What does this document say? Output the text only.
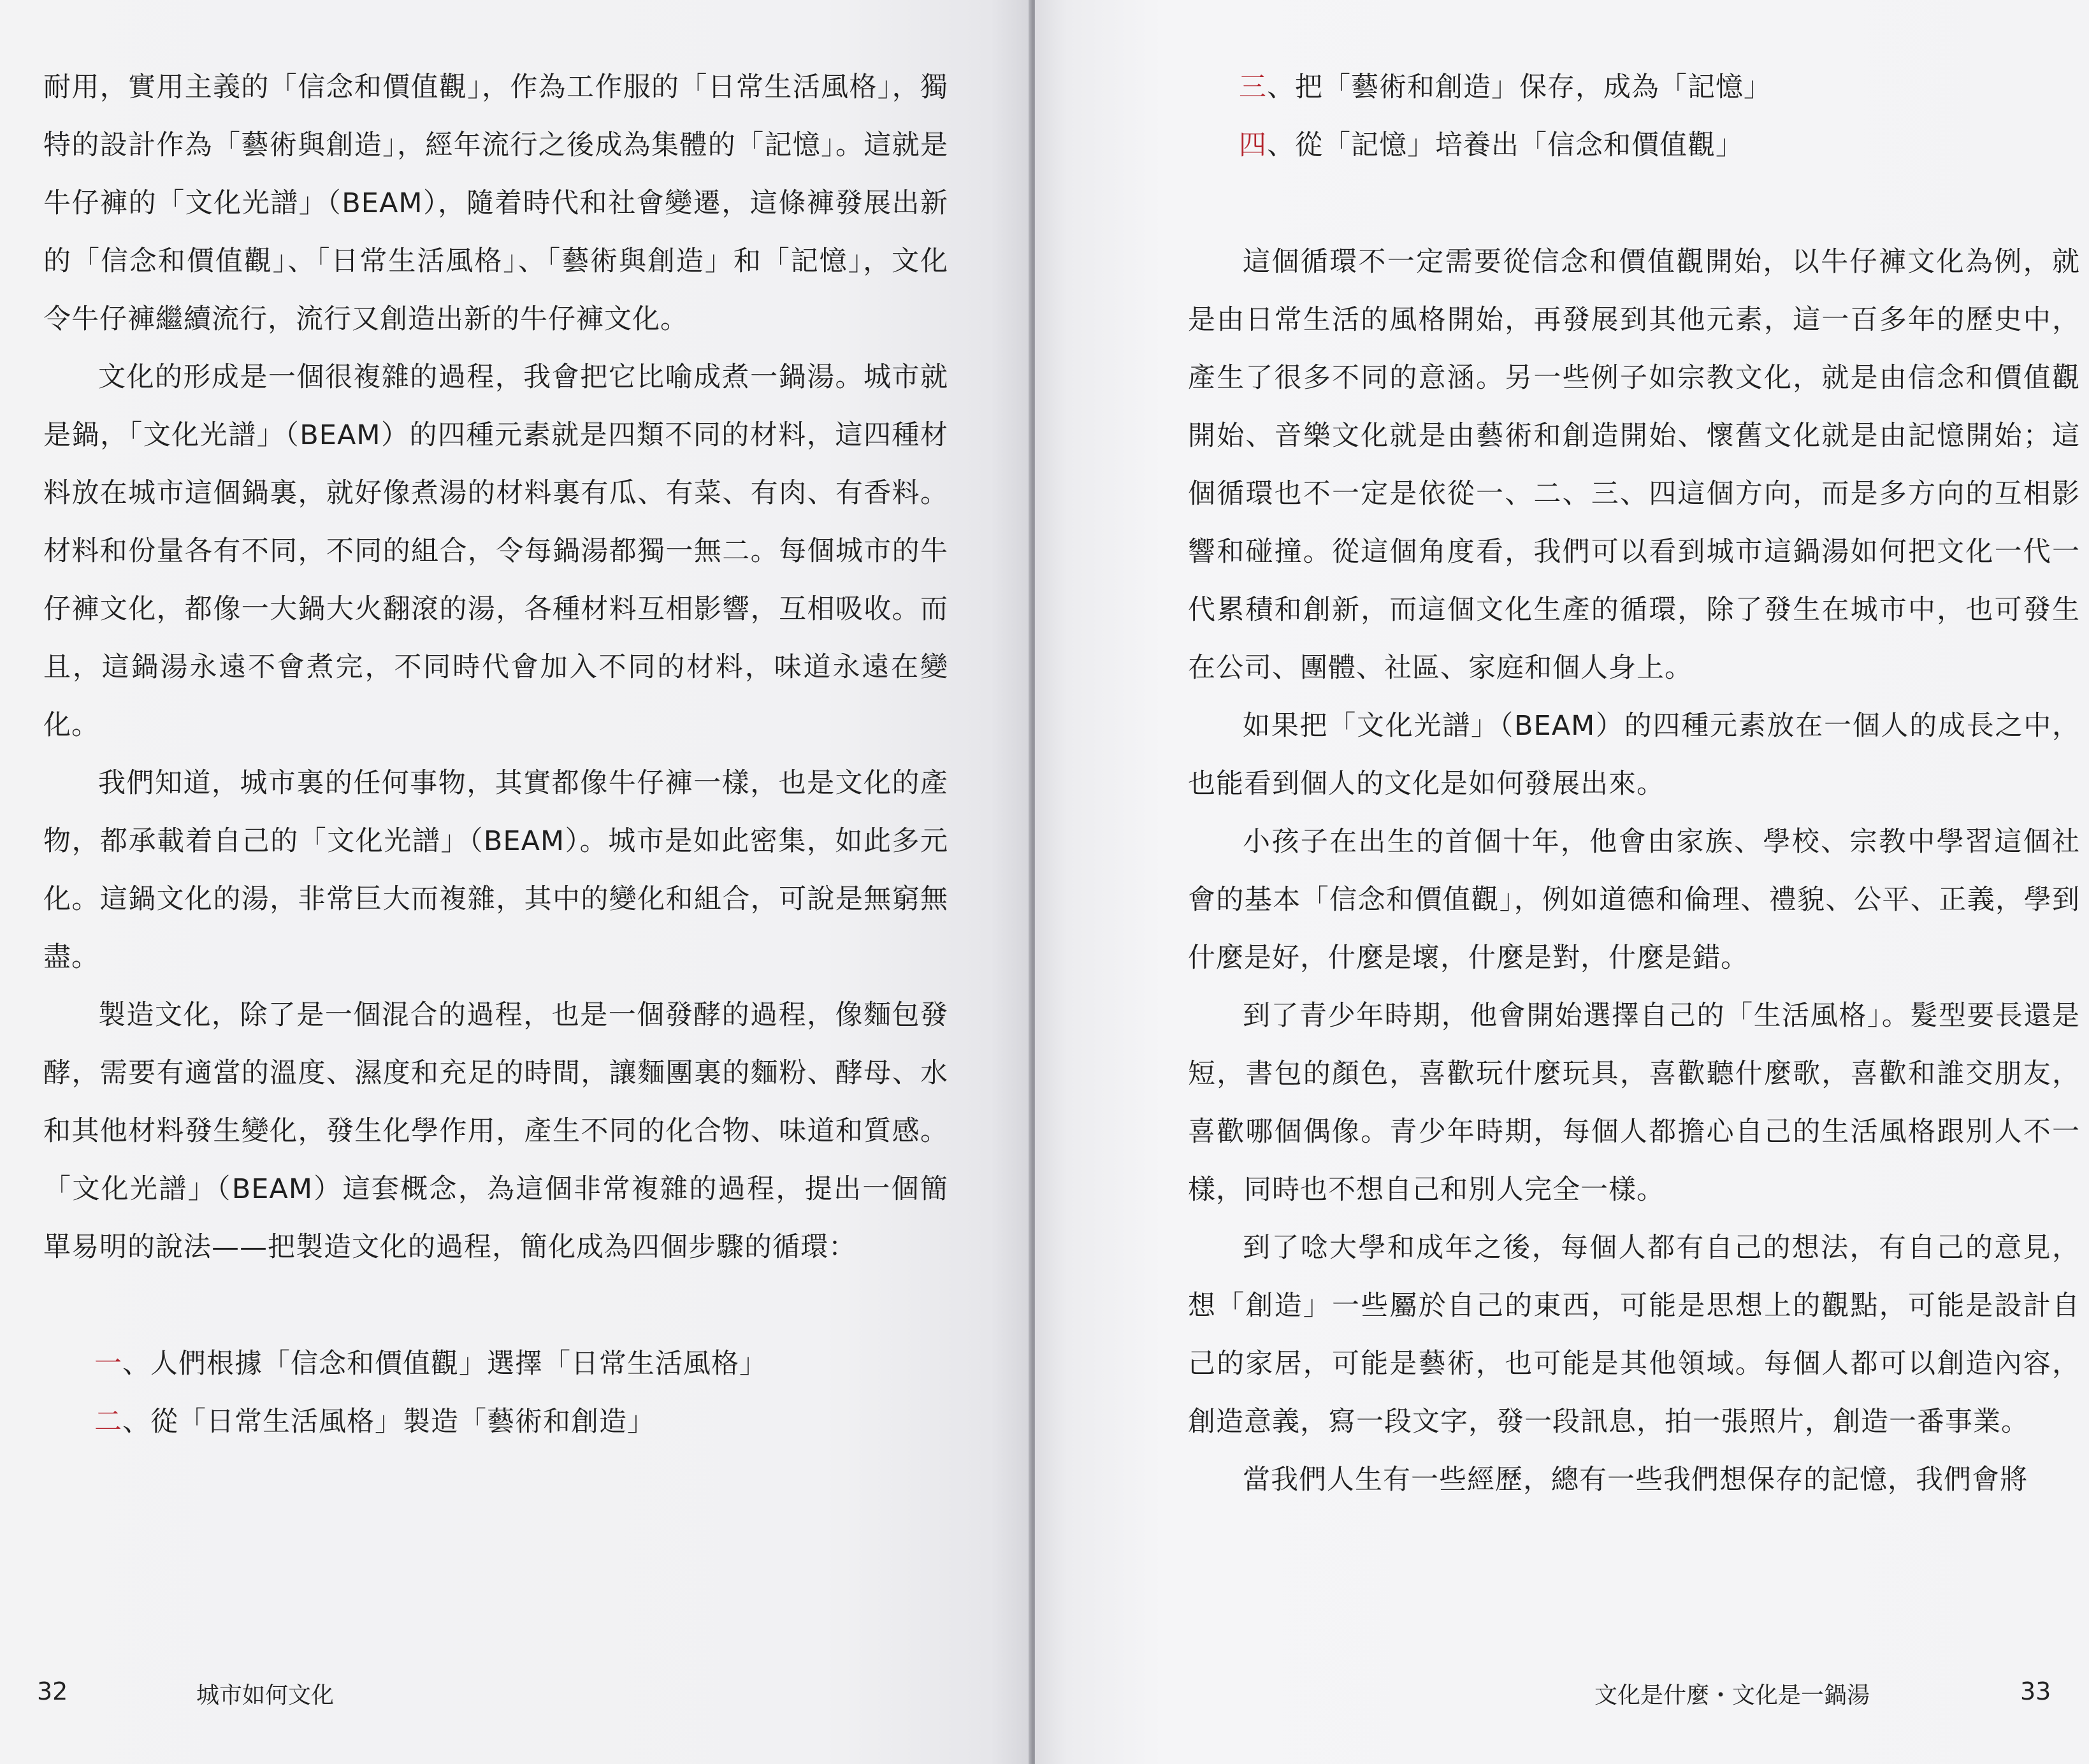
耐用，實用主義的「信念和價值觀」，作為工作服的「日常生活風格」，獨特的設計作為「藝術與創造」，經年流行之後成為集體的「記憶」。這就是牛仔褲的「文化光譜」（BEAM），隨着時代和社會變遷，這條褲發展出新的「信念和價值觀」、「日常生活風格」、「藝術與創造」和「記憶」，文化令牛仔褲繼續流行，流行又創造出新的牛仔褲文化。

文化的形成是一個很複雜的過程，我會把它比喻成煮一鍋湯。城市就是鍋，「文化光譜」（BEAM）的四種元素就是四類不同的材料，這四種材料放在城市這個鍋裏，就好像煮湯的材料裏有瓜、有菜、有肉、有香料。材料和份量各有不同，不同的組合，令每鍋湯都獨一無二。每個城市的牛仔褲文化，都像一大鍋大火翻滾的湯，各種材料互相影響，互相吸收。而且，這鍋湯永遠不會煮完，不同時代會加入不同的材料，味道永遠在變化。

我們知道，城市裏的任何事物，其實都像牛仔褲一樣，也是文化的產物，都承載着自己的「文化光譜」（BEAM）。城市是如此密集，如此多元化。這鍋文化的湯，非常巨大而複雜，其中的變化和組合，可說是無窮無盡。

製造文化，除了是一個混合的過程，也是一個發酵的過程，像麵包發酵，需要有適當的溫度、濕度和充足的時間，讓麵團裏的麵粉、酵母、水和其他材料發生變化，發生化學作用，產生不同的化合物、味道和質感。「文化光譜」（BEAM）這套概念，為這個非常複雜的過程，提出一個簡單易明的說法——把製造文化的過程，簡化成為四個步驟的循環：

一、人們根據「信念和價值觀」選擇「日常生活風格」

二、從「日常生活風格」製造「藝術和創造」

32	城市如何文化

三、把「藝術和創造」保存，成為「記憶」

四、從「記憶」培養出「信念和價值觀」

這個循環不一定需要從信念和價值觀開始，以牛仔褲文化為例，就是由日常生活的風格開始，再發展到其他元素，這一百多年的歷史中，產生了很多不同的意涵。另一些例子如宗教文化，就是由信念和價值觀開始、音樂文化就是由藝術和創造開始、懷舊文化就是由記憶開始；這個循環也不一定是依從一、二、三、四這個方向，而是多方向的互相影響和碰撞。從這個角度看，我們可以看到城市這鍋湯如何把文化一代一代累積和創新，而這個文化生產的循環，除了發生在城市中，也可發生在公司、團體、社區、家庭和個人身上。

如果把「文化光譜」（BEAM）的四種元素放在一個人的成長之中，也能看到個人的文化是如何發展出來。

小孩子在出生的首個十年，他會由家族、學校、宗教中學習這個社會的基本「信念和價值觀」，例如道德和倫理、禮貌、公平、正義，學到什麼是好，什麼是壞，什麼是對，什麼是錯。

到了青少年時期，他會開始選擇自己的「生活風格」。髮型要長還是短，書包的顏色，喜歡玩什麼玩具，喜歡聽什麼歌，喜歡和誰交朋友，喜歡哪個偶像。青少年時期，每個人都擔心自己的生活風格跟別人不一樣，同時也不想自己和別人完全一樣。

到了唸大學和成年之後，每個人都有自己的想法，有自己的意見，想「創造」一些屬於自己的東西，可能是思想上的觀點，可能是設計自己的家居，可能是藝術，也可能是其他領域。每個人都可以創造內容，創造意義，寫一段文字，發一段訊息，拍一張照片，創造一番事業。

當我們人生有一些經歷，總有一些我們想保存的記憶，我們會將

文化是什麼・文化是一鍋湯	33
